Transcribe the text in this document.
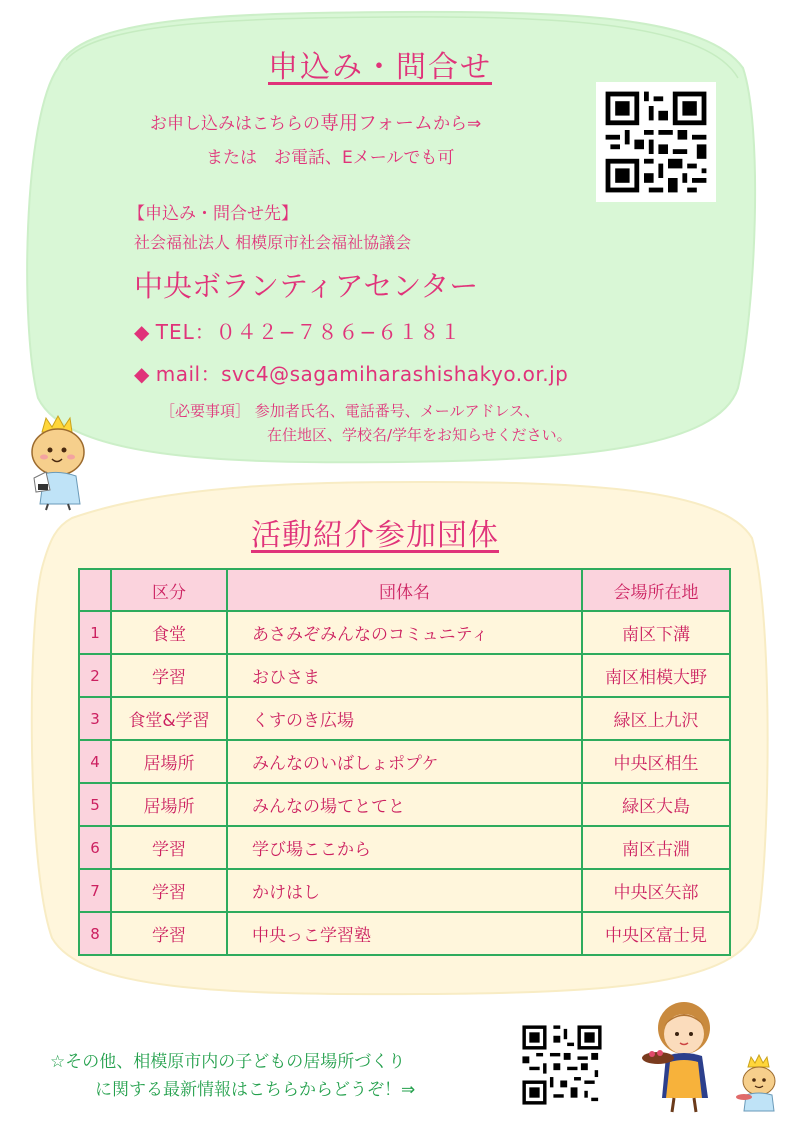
申込み・問合せ
お申し込みはこちらの専用フォームから⇒
または　お電話、Eメールでも可
【申込み・問合せ先】
社会福祉法人 相模原市社会福祉協議会
中央ボランティアセンター
◆ TEL：０４２−７８６−６１８１
◆ mail：svc4@sagamiharashishakyo.or.jp
［必要事項］ 参加者氏名、電話番号、メールアドレス、
在住地区、学校名/学年をお知らせください。
活動紹介参加団体
	区分	団体名	会場所在地
1	食堂	あさみぞみんなのコミュニティ	南区下溝
2	学習	おひさま	南区相模大野
3	食堂&学習	くすのき広場	緑区上九沢
4	居場所	みんなのいばしょポプケ	中央区相生
5	居場所	みんなの場てとてと	緑区大島
6	学習	学び場ここから	南区古淵
7	学習	かけはし	中央区矢部
8	学習	中央っこ学習塾	中央区富士見
☆その他、相模原市内の子どもの居場所づくり
に関する最新情報はこちらからどうぞ！⇒
